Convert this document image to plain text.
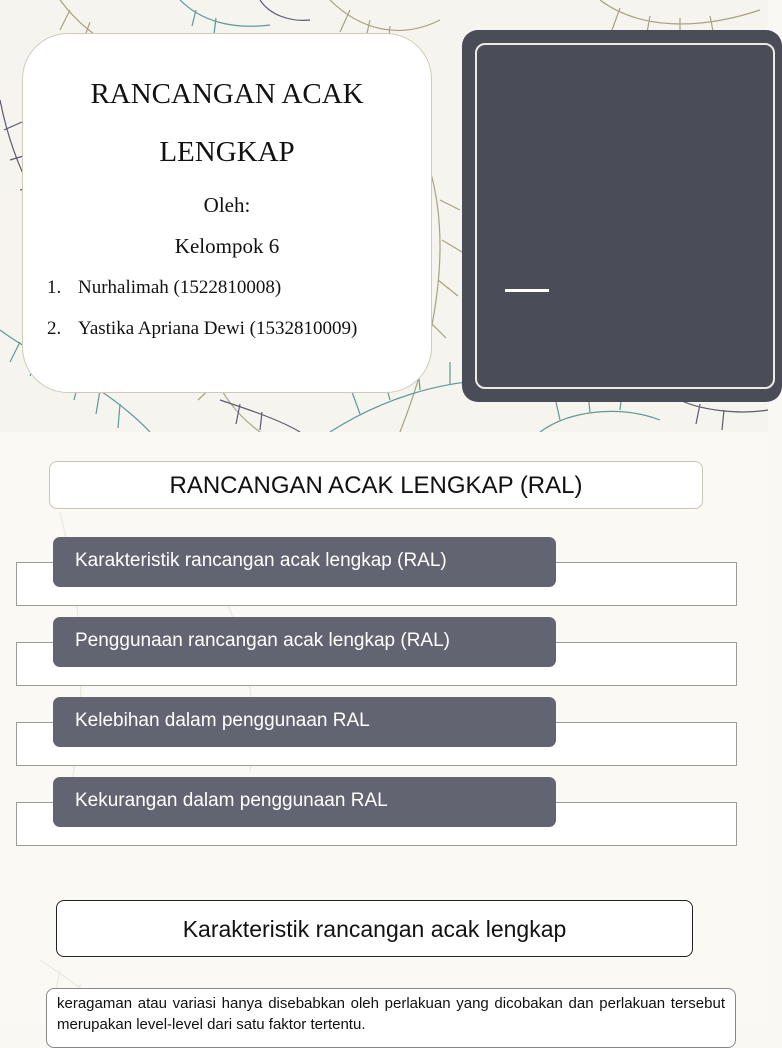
RANCANGAN ACAK
LENGKAP
Oleh:
Kelompok 6
1. Nurhalimah (1522810008)
2. Yastika Apriana Dewi (1532810009)
RANCANGAN ACAK LENGKAP (RAL)
Karakteristik rancangan acak lengkap (RAL)
Penggunaan rancangan acak lengkap (RAL)
Kelebihan dalam penggunaan RAL
Kekurangan dalam penggunaan RAL
Karakteristik rancangan acak lengkap
keragaman atau variasi hanya disebabkan oleh perlakuan yang dicobakan dan perlakuan tersebut merupakan level-level dari satu faktor tertentu.
